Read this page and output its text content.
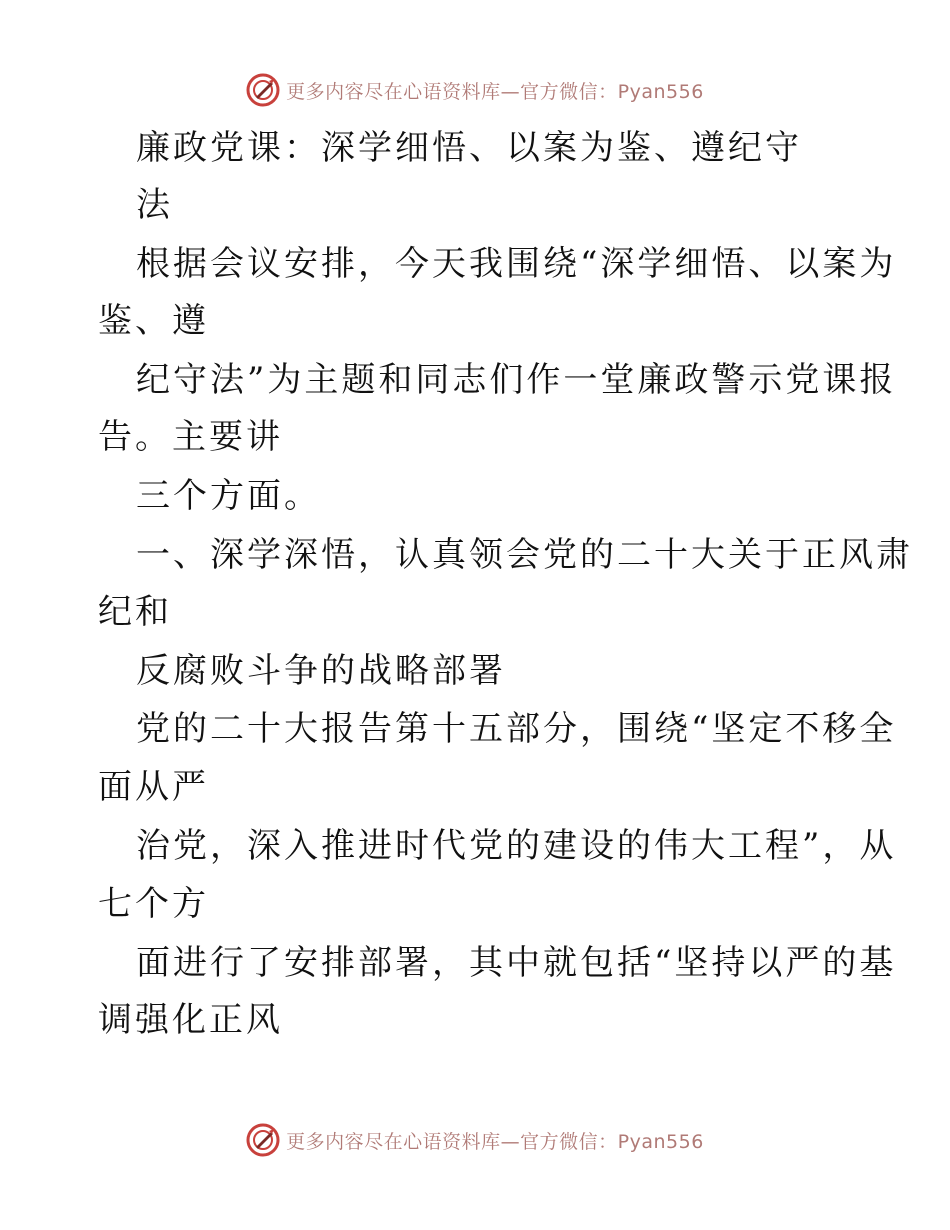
更多内容尽在心语资料库—官方微信：Pyan556
廉政党课：深学细悟、以案为鉴、遵纪守
法
根据会议安排，今天我围绕“深学细悟、以案为
鉴、遵
纪守法”为主题和同志们作一堂廉政警示党课报
告。主要讲
三个方面。
一、深学深悟，认真领会党的二十大关于正风肃
纪和
反腐败斗争的战略部署
党的二十大报告第十五部分，围绕“坚定不移全
面从严
治党，深入推进时代党的建设的伟大工程”，从
七个方
面进行了安排部署，其中就包括“坚持以严的基
调强化正风
更多内容尽在心语资料库—官方微信：Pyan556
